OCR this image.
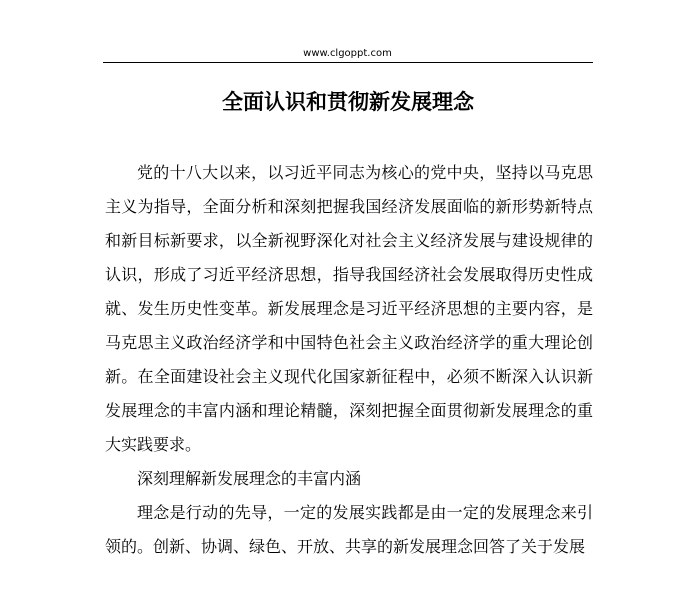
www.clgoppt.com
全面认识和贯彻新发展理念

党的十八大以来，以习近平同志为核心的党中央，坚持以马克思主义为指导，全面分析和深刻把握我国经济发展面临的新形势新特点和新目标新要求，以全新视野深化对社会主义经济发展与建设规律的认识，形成了习近平经济思想，指导我国经济社会发展取得历史性成就、发生历史性变革。新发展理念是习近平经济思想的主要内容，是马克思主义政治经济学和中国特色社会主义政治经济学的重大理论创新。在全面建设社会主义现代化国家新征程中，必须不断深入认识新发展理念的丰富内涵和理论精髓，深刻把握全面贯彻新发展理念的重大实践要求。

深刻理解新发展理念的丰富内涵

理念是行动的先导，一定的发展实践都是由一定的发展理念来引领的。创新、协调、绿色、开放、共享的新发展理念回答了关于发展
